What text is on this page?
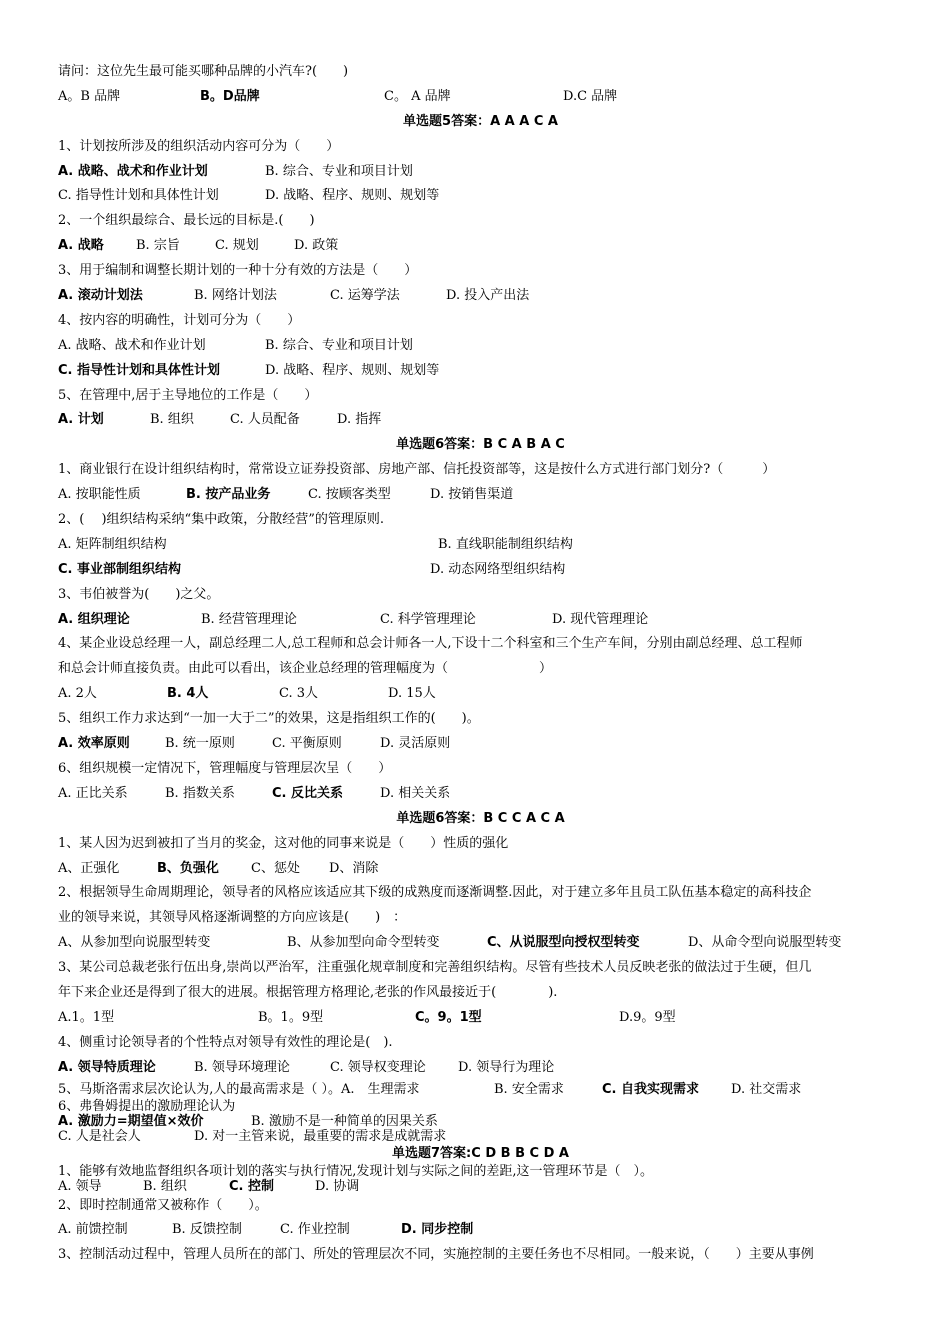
请问：这位先生最可能买哪种品牌的小汽车?(　　)
A。B 品牌	B。D品牌	C。 A 品牌	D.C 品牌
单选题5答案：A A A C A
1、计划按所涉及的组织活动内容可分为（　　）
A. 战略、战术和作业计划	B. 综合、专业和项目计划
C. 指导性计划和具体性计划	D. 战略、程序、规则、规划等
2、一个组织最综合、最长远的目标是.(　　)
A. 战略 B. 宗旨	C. 规划	D. 政策
3、用于编制和调整长期计划的一种十分有效的方法是（　　）
A. 滚动计划法	B. 网络计划法	C. 运筹学法	D. 投入产出法
4、按内容的明确性，计划可分为（　　）
A. 战略、战术和作业计划	B. 综合、专业和项目计划
C. 指导性计划和具体性计划	D. 战略、程序、规则、规划等
5、在管理中,居于主导地位的工作是（　　）
A. 计划	B. 组织	C. 人员配备	D. 指挥
单选题6答案：B C A B A C
1、商业银行在设计组织结构时，常常设立证券投资部、房地产部、信托投资部等，这是按什么方式进行部门划分?（　　　）
A. 按职能性质	B. 按产品业务	C. 按顾客类型	D. 按销售渠道
2、(　 )组织结构采纳“集中政策，分散经营”的管理原则.
A. 矩阵制组织结构	B. 直线职能制组织结构
C. 事业部制组织结构	D. 动态网络型组织结构
3、韦伯被誉为(　　)之父。
A. 组织理论	B. 经营管理理论	C. 科学管理理论	D. 现代管理理论
4、某企业设总经理一人，副总经理二人,总工程师和总会计师各一人,下设十二个科室和三个生产车间，分别由副总经理、总工程师
和总会计师直接负责。由此可以看出，该企业总经理的管理幅度为（　　　　　　　）
A. 2人	B. 4人	C. 3人	D. 15人
5、组织工作力求达到“一加一大于二”的效果，这是指组织工作的(　　)。
A. 效率原则	B. 统一原则	C. 平衡原则	D. 灵活原则
6、组织规模一定情况下，管理幅度与管理层次呈（　　）
A. 正比关系	B. 指数关系	C. 反比关系	D. 相关关系
单选题6答案：B C C A C A
1、某人因为迟到被扣了当月的奖金，这对他的同事来说是（　　）性质的强化
A、正强化	B、负强化 C、惩处 D、消除
2、根据领导生命周期理论，领导者的风格应该适应其下级的成熟度而逐渐调整.因此，对于建立多年且员工队伍基本稳定的高科技企
业的领导来说，其领导风格逐渐调整的方向应该是(　　)　：
A、从参加型向说服型转变	B、从参加型向命令型转变	C、从说服型向授权型转变	D、从命令型向说服型转变
3、某公司总裁老张行伍出身,崇尚以严治军，注重强化规章制度和完善组织结构。尽管有些技术人员反映老张的做法过于生硬，但几
年下来企业还是得到了很大的进展。根据管理方格理论,老张的作风最接近于(　　　　).
A.1。1型	B。1。9型	C。9。1型	D.9。9型
4、侧重讨论领导者的个性特点对领导有效性的理论是(　).
A. 领导特质理论	B. 领导环境理论	C. 领导权变理论 D. 领导行为理论
5、马斯洛需求层次论认为,人的最高需求是（ ）。A.　生理需求	B. 安全需求	C. 自我实现需求 D. 社交需求
6、弗鲁姆提出的激励理论认为
A. 激励力=期望值×效价	B. 激励不是一种简单的因果关系
C. 人是社会人	D. 对一主管来说，最重要的需求是成就需求
单选题7答案:C D B B C D A
1、能够有效地监督组织各项计划的落实与执行情况,发现计划与实际之间的差距,这一管理环节是（　）。
A. 领导	B. 组织	C. 控制	D. 协调
2、即时控制通常又被称作（　　）。
A. 前馈控制	B. 反馈控制	C. 作业控制	D. 同步控制
3、控制活动过程中，管理人员所在的部门、所处的管理层次不同，实施控制的主要任务也不尽相同。一般来说，（　　）主要从事例
